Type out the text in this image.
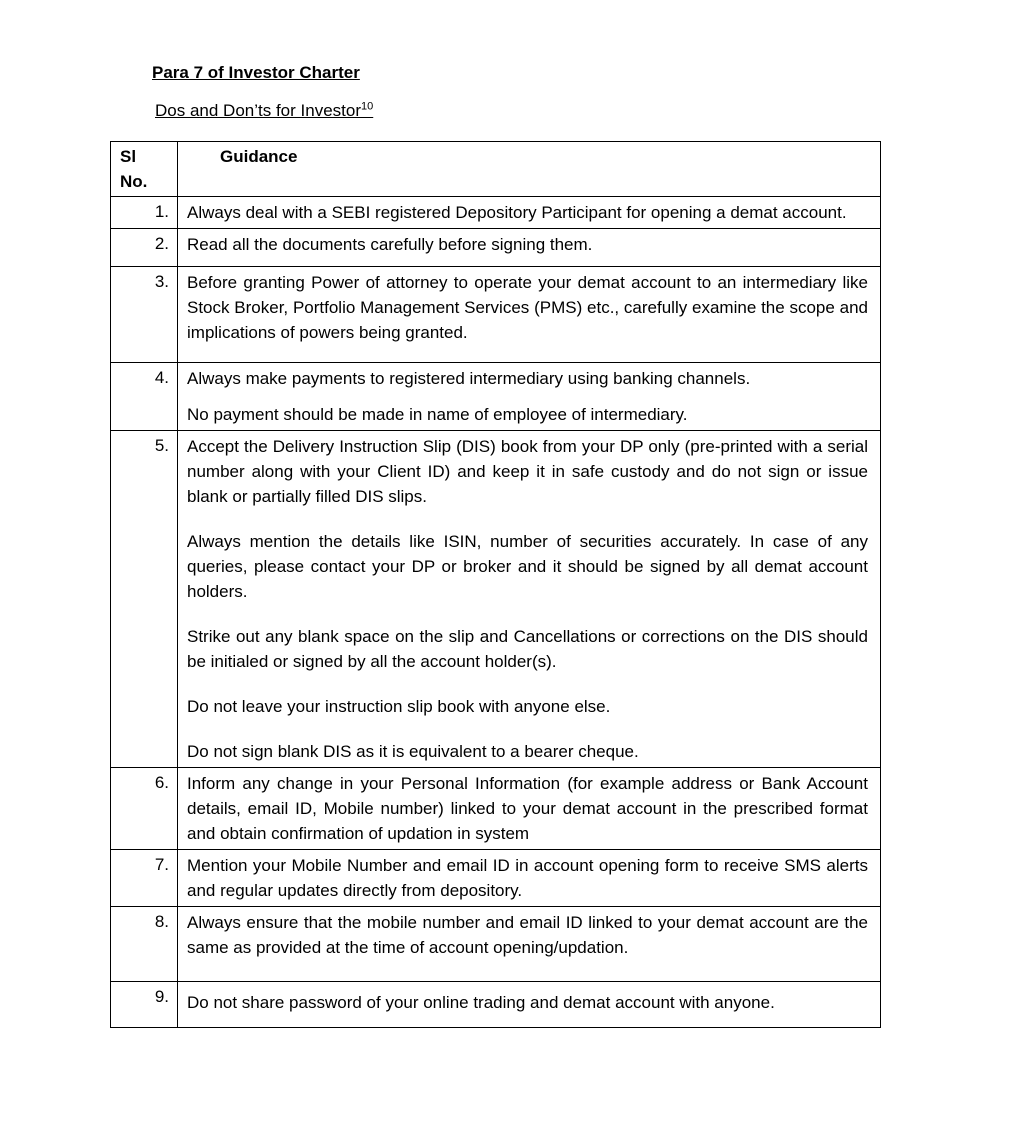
Para 7 of Investor Charter
Dos and Don’ts for Investor$^{10}$
Sl No.	Guidance
1.	Always deal with a SEBI registered Depository Participant for opening a demat account.

2.	Read all the documents carefully before signing them.

3.	Before granting Power of attorney to operate your demat account to an intermediary like Stock Broker, Portfolio Management Services (PMS) etc., carefully examine the scope and implications of powers being granted.

4.	Always make payments to registered intermediary using banking channels.

No payment should be made in name of employee of intermediary.

5.	Accept the Delivery Instruction Slip (DIS) book from your DP only (pre-printed with a serial number along with your Client ID) and keep it in safe custody and do not sign or issue blank or partially filled DIS slips.

Always mention the details like ISIN, number of securities accurately. In case of any queries, please contact your DP or broker and it should be signed by all demat account holders.

Strike out any blank space on the slip and Cancellations or corrections on the DIS should be initialed or signed by all the account holder(s).

Do not leave your instruction slip book with anyone else.

Do not sign blank DIS as it is equivalent to a bearer cheque.

6.	Inform any change in your Personal Information (for example address or Bank Account details, email ID, Mobile number) linked to your demat account in the prescribed format and obtain confirmation of updation in system

7.	Mention your Mobile Number and email ID in account opening form to receive SMS alerts and regular updates directly from depository.

8.	Always ensure that the mobile number and email ID linked to your demat account are the same as provided at the time of account opening/updation.

9.	Do not share password of your online trading and demat account with anyone.
